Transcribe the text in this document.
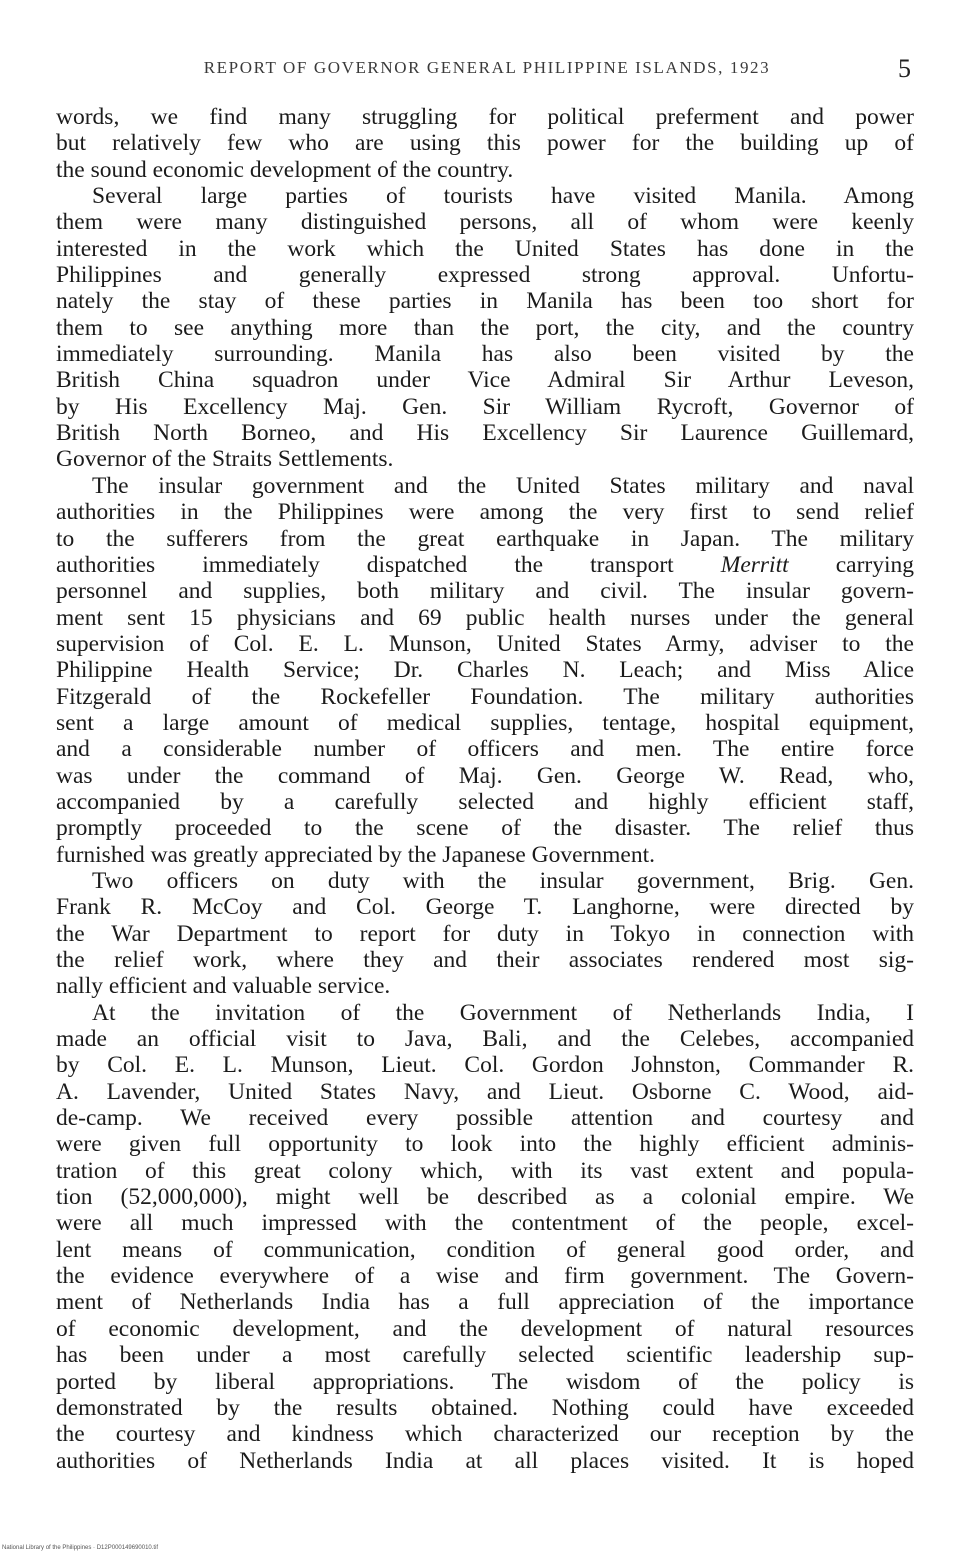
REPORT OF GOVERNOR GENERAL PHILIPPINE ISLANDS, 1923	5
words, we find many struggling for political preferment and power
but relatively few who are using this power for the building up of
the sound economic development of the country.
Several large parties of tourists have visited Manila. Among
them were many distinguished persons, all of whom were keenly
interested in the work which the United States has done in the
Philippines and generally expressed strong approval. Unfortu-
nately the stay of these parties in Manila has been too short for
them to see anything more than the port, the city, and the country
immediately surrounding. Manila has also been visited by the
British China squadron under Vice Admiral Sir Arthur Leveson,
by His Excellency Maj. Gen. Sir William Rycroft, Governor of
British North Borneo, and His Excellency Sir Laurence Guillemard,
Governor of the Straits Settlements.
The insular government and the United States military and naval
authorities in the Philippines were among the very first to send relief
to the sufferers from the great earthquake in Japan. The military
authorities immediately dispatched the transport Merritt carrying
personnel and supplies, both military and civil. The insular govern-
ment sent 15 physicians and 69 public health nurses under the general
supervision of Col. E. L. Munson, United States Army, adviser to the
Philippine Health Service; Dr. Charles N. Leach; and Miss Alice
Fitzgerald of the Rockefeller Foundation. The military authorities
sent a large amount of medical supplies, tentage, hospital equipment,
and a considerable number of officers and men. The entire force
was under the command of Maj. Gen. George W. Read, who,
accompanied by a carefully selected and highly efficient staff,
promptly proceeded to the scene of the disaster. The relief thus
furnished was greatly appreciated by the Japanese Government.
Two officers on duty with the insular government, Brig. Gen.
Frank R. McCoy and Col. George T. Langhorne, were directed by
the War Department to report for duty in Tokyo in connection with
the relief work, where they and their associates rendered most sig-
nally efficient and valuable service.
At the invitation of the Government of Netherlands India, I
made an official visit to Java, Bali, and the Celebes, accompanied
by Col. E. L. Munson, Lieut. Col. Gordon Johnston, Commander R.
A. Lavender, United States Navy, and Lieut. Osborne C. Wood, aid-
de-camp. We received every possible attention and courtesy and
were given full opportunity to look into the highly efficient adminis-
tration of this great colony which, with its vast extent and popula-
tion (52,000,000), might well be described as a colonial empire. We
were all much impressed with the contentment of the people, excel-
lent means of communication, condition of general good order, and
the evidence everywhere of a wise and firm government. The Govern-
ment of Netherlands India has a full appreciation of the importance
of economic development, and the development of natural resources
has been under a most carefully selected scientific leadership sup-
ported by liberal appropriations. The wisdom of the policy is
demonstrated by the results obtained. Nothing could have exceeded
the courtesy and kindness which characterized our reception by the
authorities of Netherlands India at all places visited. It is hoped
National Library of the Philippines · D12P000149690010.tif
